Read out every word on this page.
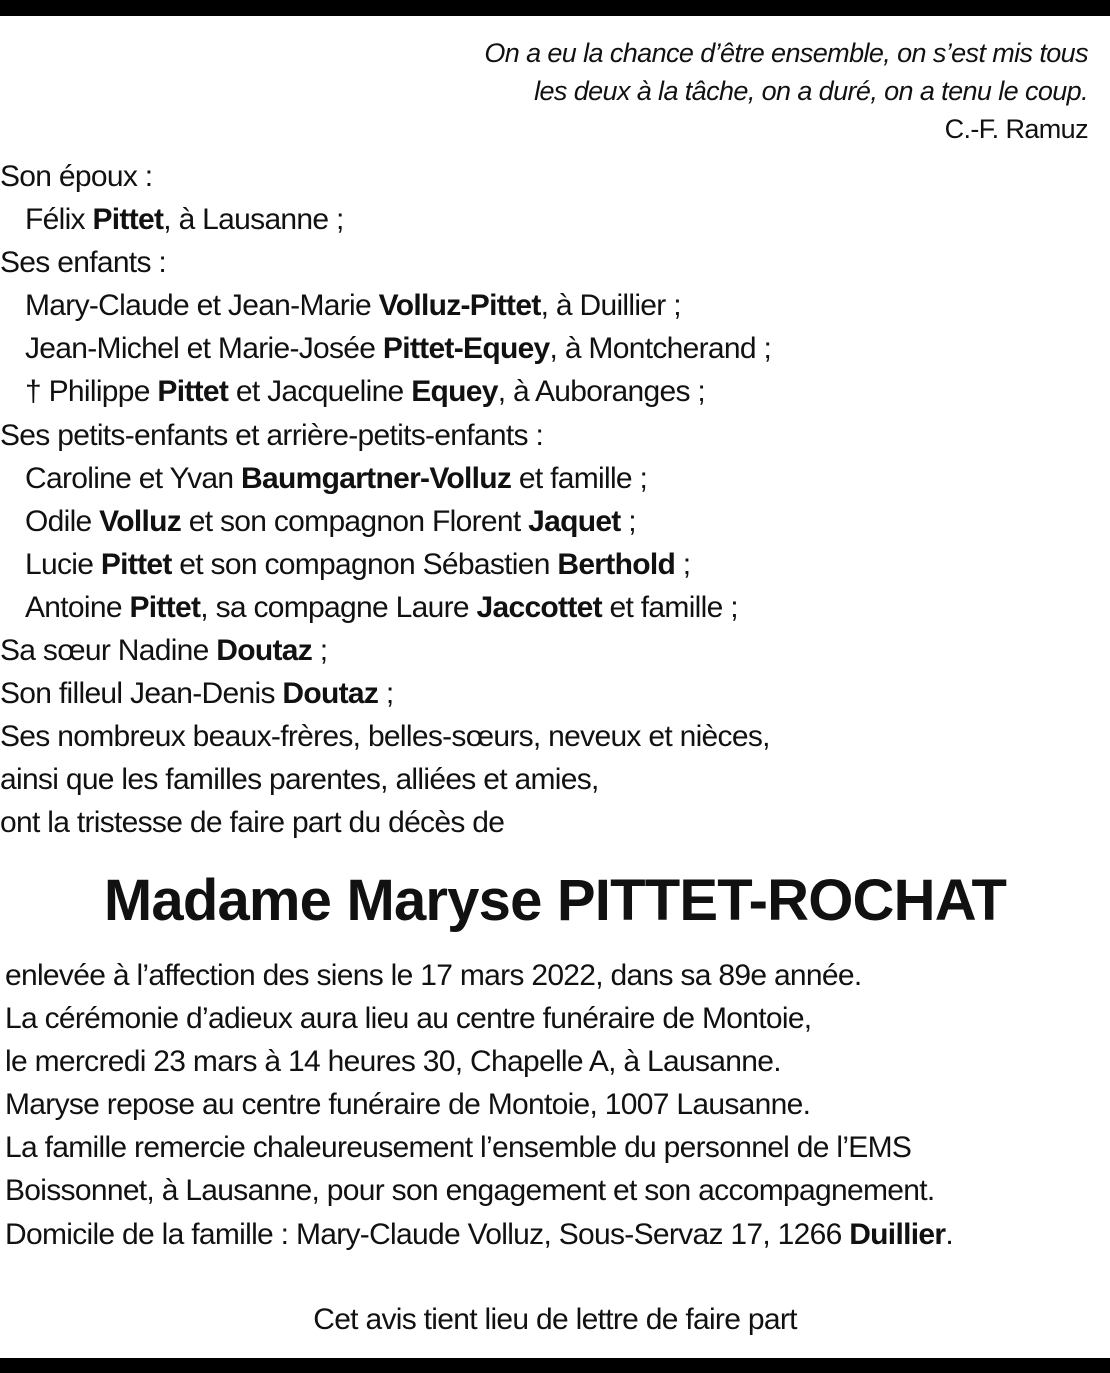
On a eu la chance d’être ensemble, on s’est mis tous
les deux à la tâche, on a duré, on a tenu le coup.
C.-F. Ramuz
Son époux :
Félix Pittet, à Lausanne ;
Ses enfants :
Mary-Claude et Jean-Marie Volluz-Pittet, à Duillier ;
Jean-Michel et Marie-Josée Pittet-Equey, à Montcherand ;
† Philippe Pittet et Jacqueline Equey, à Auboranges ;
Ses petits-enfants et arrière-petits-enfants :
Caroline et Yvan Baumgartner-Volluz et famille ;
Odile Volluz et son compagnon Florent Jaquet ;
Lucie Pittet et son compagnon Sébastien Berthold ;
Antoine Pittet, sa compagne Laure Jaccottet et famille ;
Sa sœur Nadine Doutaz ;
Son filleul Jean-Denis Doutaz ;
Ses nombreux beaux-frères, belles-sœurs, neveux et nièces,
ainsi que les familles parentes, alliées et amies,
ont la tristesse de faire part du décès de
Madame Maryse PITTET-ROCHAT
enlevée à l’affection des siens le 17 mars 2022, dans sa 89e année.
La cérémonie d’adieux aura lieu au centre funéraire de Montoie,
le mercredi 23 mars à 14 heures 30, Chapelle A, à Lausanne.
Maryse repose au centre funéraire de Montoie, 1007 Lausanne.
La famille remercie chaleureusement l’ensemble du personnel de l’EMS
Boissonnet, à Lausanne, pour son engagement et son accompagnement.
Domicile de la famille : Mary-Claude Volluz, Sous-Servaz 17, 1266 Duillier.
Cet avis tient lieu de lettre de faire part
